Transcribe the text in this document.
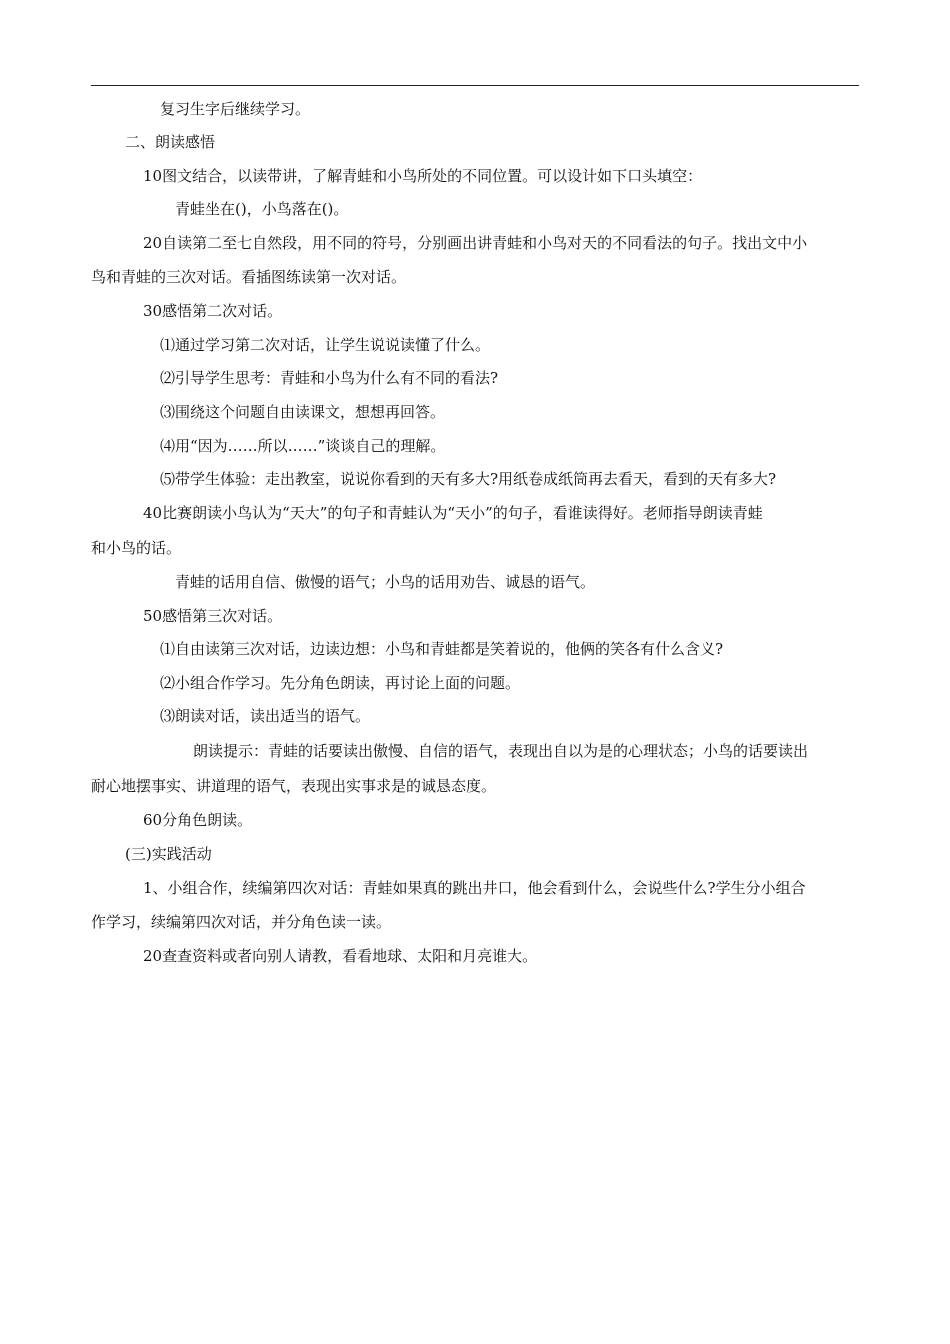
复习生字后继续学习。
二、朗读感悟
10图文结合，以读带讲，了解青蛙和小鸟所处的不同位置。可以设计如下口头填空：
青蛙坐在()，小鸟落在()。
20自读第二至七自然段，用不同的符号，分别画出讲青蛙和小鸟对天的不同看法的句子。找出文中小
鸟和青蛙的三次对话。看插图练读第一次对话。
30感悟第二次对话。
⑴通过学习第二次对话，让学生说说读懂了什么。
⑵引导学生思考：青蛙和小鸟为什么有不同的看法?
⑶围绕这个问题自由读课文，想想再回答。
⑷用“因为……所以……”谈谈自己的理解。
⑸带学生体验：走出教室，说说你看到的天有多大?用纸卷成纸筒再去看天，看到的天有多大?
40比赛朗读小鸟认为“天大”的句子和青蛙认为“天小”的句子，看谁读得好。老师指导朗读青蛙
和小鸟的话。
青蛙的话用自信、傲慢的语气；小鸟的话用劝告、诚恳的语气。
50感悟第三次对话。
⑴自由读第三次对话，边读边想：小鸟和青蛙都是笑着说的，他俩的笑各有什么含义?
⑵小组合作学习。先分角色朗读，再讨论上面的问题。
⑶朗读对话，读出适当的语气。
朗读提示：青蛙的话要读出傲慢、自信的语气，表现出自以为是的心理状态；小鸟的话要读出
耐心地摆事实、讲道理的语气，表现出实事求是的诚恳态度。
60分角色朗读。
(三)实践活动
1、小组合作，续编第四次对话：青蛙如果真的跳出井口，他会看到什么，会说些什么?学生分小组合
作学习，续编第四次对话，并分角色读一读。
20查查资料或者向别人请教，看看地球、太阳和月亮谁大。
